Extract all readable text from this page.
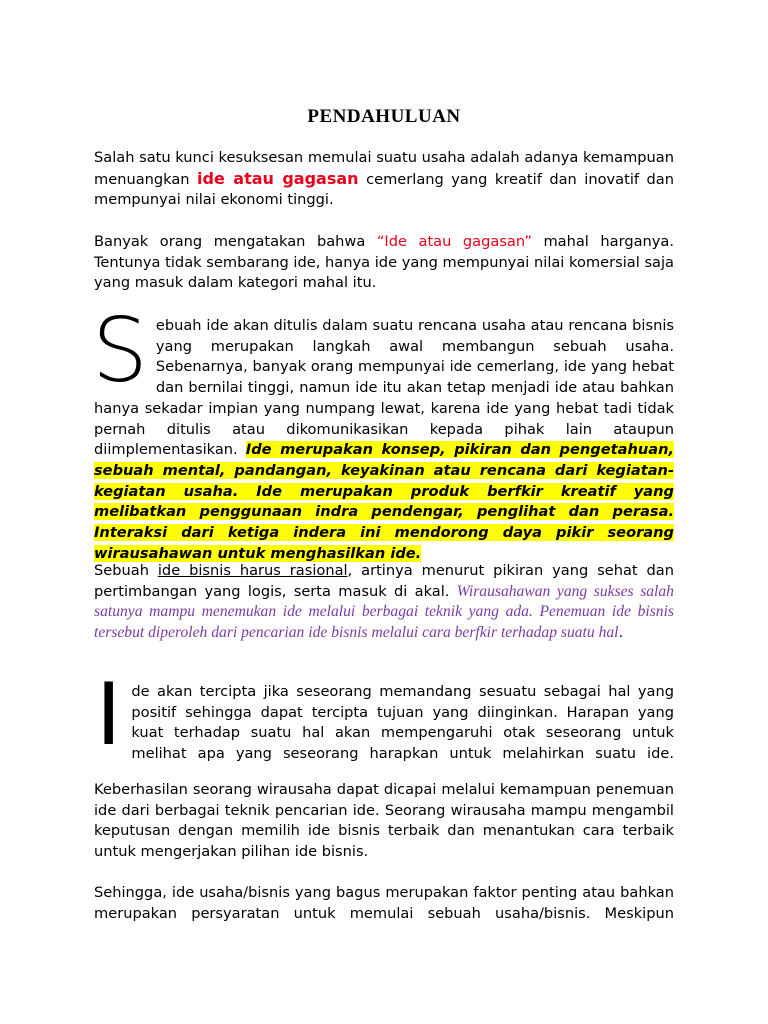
PENDAHULUAN

Salah satu kunci kesuksesan memulai suatu usaha adalah adanya kemampuan menuangkan ide atau gagasan cemerlang yang kreatif dan inovatif dan mempunyai nilai ekonomi tinggi.

Banyak orang mengatakan bahwa “Ide atau gagasan” mahal harganya. Tentunya tidak sembarang ide, hanya ide yang mempunyai nilai komersial saja yang masuk dalam kategori mahal itu.

Sebuah ide akan ditulis dalam suatu rencana usaha atau rencana bisnis yang merupakan langkah awal membangun sebuah usaha. Sebenarnya, banyak orang mempunyai ide cemerlang, ide yang hebat dan bernilai tinggi, namun ide itu akan tetap menjadi ide atau bahkan hanya sekadar impian yang numpang lewat, karena ide yang hebat tadi tidak pernah ditulis atau dikomunikasikan kepada pihak lain ataupun diimplementasikan. Ide merupakan konsep, pikiran dan pengetahuan, sebuah mental, pandangan, keyakinan atau rencana dari kegiatan-kegiatan usaha. Ide merupakan produk berfkir kreatif yang melibatkan penggunaan indra pendengar, penglihat dan perasa. Interaksi dari ketiga indera ini mendorong daya pikir seorang wirausahawan untuk menghasilkan ide.

Sebuah ide bisnis harus rasional, artinya menurut pikiran yang sehat dan pertimbangan yang logis, serta masuk di akal. Wirausahawan yang sukses salah satunya mampu menemukan ide melalui berbagai teknik yang ada. Penemuan ide bisnis tersebut diperoleh dari pencarian ide bisnis melalui cara berfkir terhadap suatu hal.

Ide akan tercipta jika seseorang memandang sesuatu sebagai hal yang positif sehingga dapat tercipta tujuan yang diinginkan. Harapan yang kuat terhadap suatu hal akan mempengaruhi otak seseorang untuk melihat apa yang seseorang harapkan untuk melahirkan suatu ide.

Keberhasilan seorang wirausaha dapat dicapai melalui kemampuan penemuan ide dari berbagai teknik pencarian ide. Seorang wirausaha mampu mengambil keputusan dengan memilih ide bisnis terbaik dan menantukan cara terbaik untuk mengerjakan pilihan ide bisnis.

Sehingga, ide usaha/bisnis yang bagus merupakan faktor penting atau bahkan merupakan persyaratan untuk memulai sebuah usaha/bisnis. Meskipun
